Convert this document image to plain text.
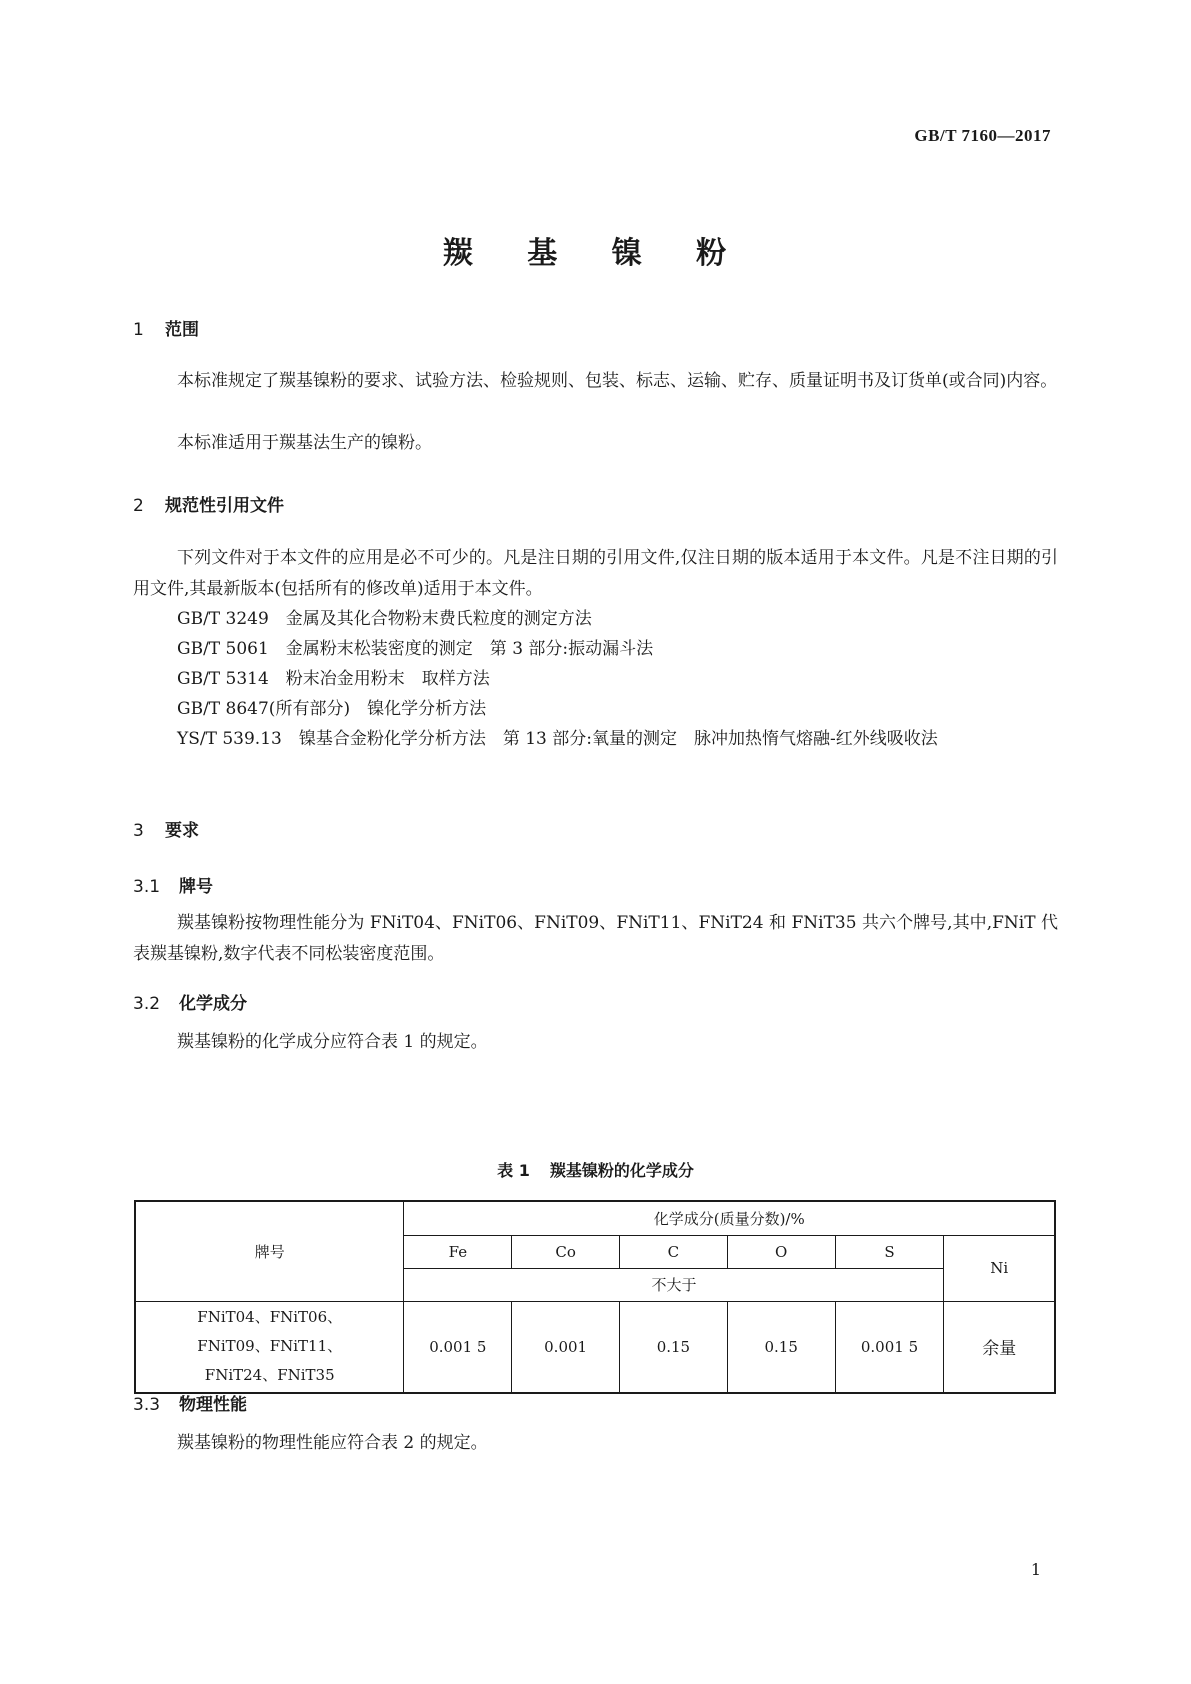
GB/T 7160—2017
羰 基 镍 粉
1 范围
本标准规定了羰基镍粉的要求、试验方法、检验规则、包装、标志、运输、贮存、质量证明书及订货单(或合同)内容。
本标准适用于羰基法生产的镍粉。
2 规范性引用文件
下列文件对于本文件的应用是必不可少的。凡是注日期的引用文件,仅注日期的版本适用于本文件。凡是不注日期的引用文件,其最新版本(包括所有的修改单)适用于本文件。
GB/T 3249　金属及其化合物粉末费氏粒度的测定方法
GB/T 5061　金属粉末松装密度的测定　第 3 部分:振动漏斗法
GB/T 5314　粉末冶金用粉末　取样方法
GB/T 8647(所有部分)　镍化学分析方法
YS/T 539.13　镍基合金粉化学分析方法　第 13 部分:氧量的测定　脉冲加热惰气熔融-红外线吸收法
3 要求
3.1 牌号
羰基镍粉按物理性能分为 FNiT04、FNiT06、FNiT09、FNiT11、FNiT24 和 FNiT35 共六个牌号,其中,FNiT 代表羰基镍粉,数字代表不同松装密度范围。
3.2 化学成分
羰基镍粉的化学成分应符合表 1 的规定。
表 1 羰基镍粉的化学成分
牌号	化学成分(质量分数)/%					
	Fe	Co	C	O	S	Ni
	不大于					

FNiT04、FNiT06、
FNiT09、FNiT11、
FNiT24、FNiT35	0.001 5	0.001	0.15	0.15	0.001 5	余量
3.3 物理性能
羰基镍粉的物理性能应符合表 2 的规定。
1
